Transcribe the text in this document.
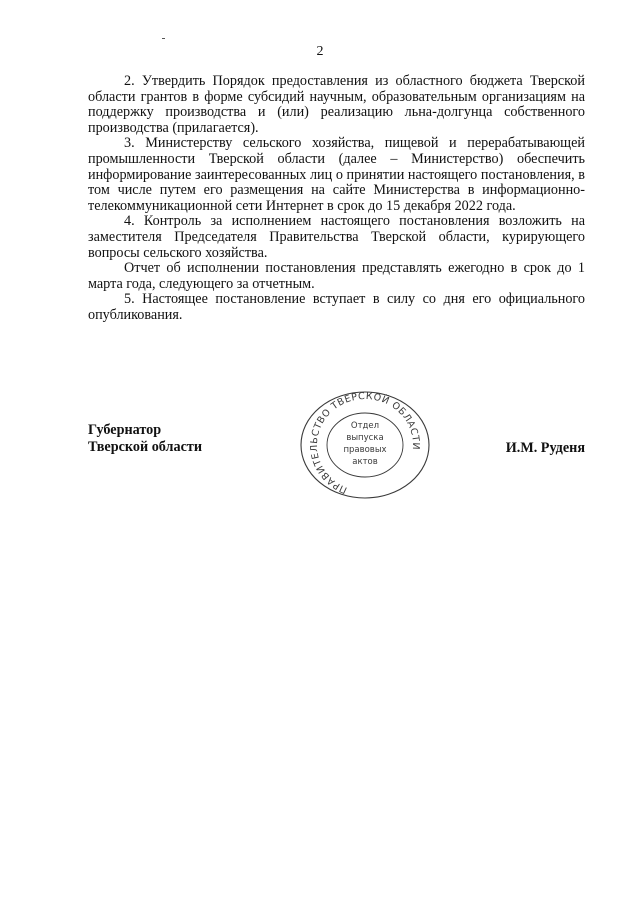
2

2. Утвердить Порядок предоставления из областного бюджета Тверской области грантов в форме субсидий научным, образовательным организациям на поддержку производства и (или) реализацию льна-долгунца собственного производства (прилагается).

3. Министерству сельского хозяйства, пищевой и перерабатывающей промышленности Тверской области (далее – Министерство) обеспечить информирование заинтересованных лиц о принятии настоящего постановления, в том числе путем его размещения на сайте Министерства в информационно-телекоммуникационной сети Интернет в срок до 15 декабря 2022 года.

4. Контроль за исполнением настоящего постановления возложить на заместителя Председателя Правительства Тверской области, курирующего вопросы сельского хозяйства.

Отчет об исполнении постановления представлять ежегодно в срок до 1 марта года, следующего за отчетным.

5. Настоящее постановление вступает в силу со дня его официального опубликования.

Губернатор
Тверской области
ПРАВИТЕЛЬСТВО ТВЕРСКОЙ ОБЛАСТИ
Отдел
выпуска
правовых
актов
И.М. Руденя
